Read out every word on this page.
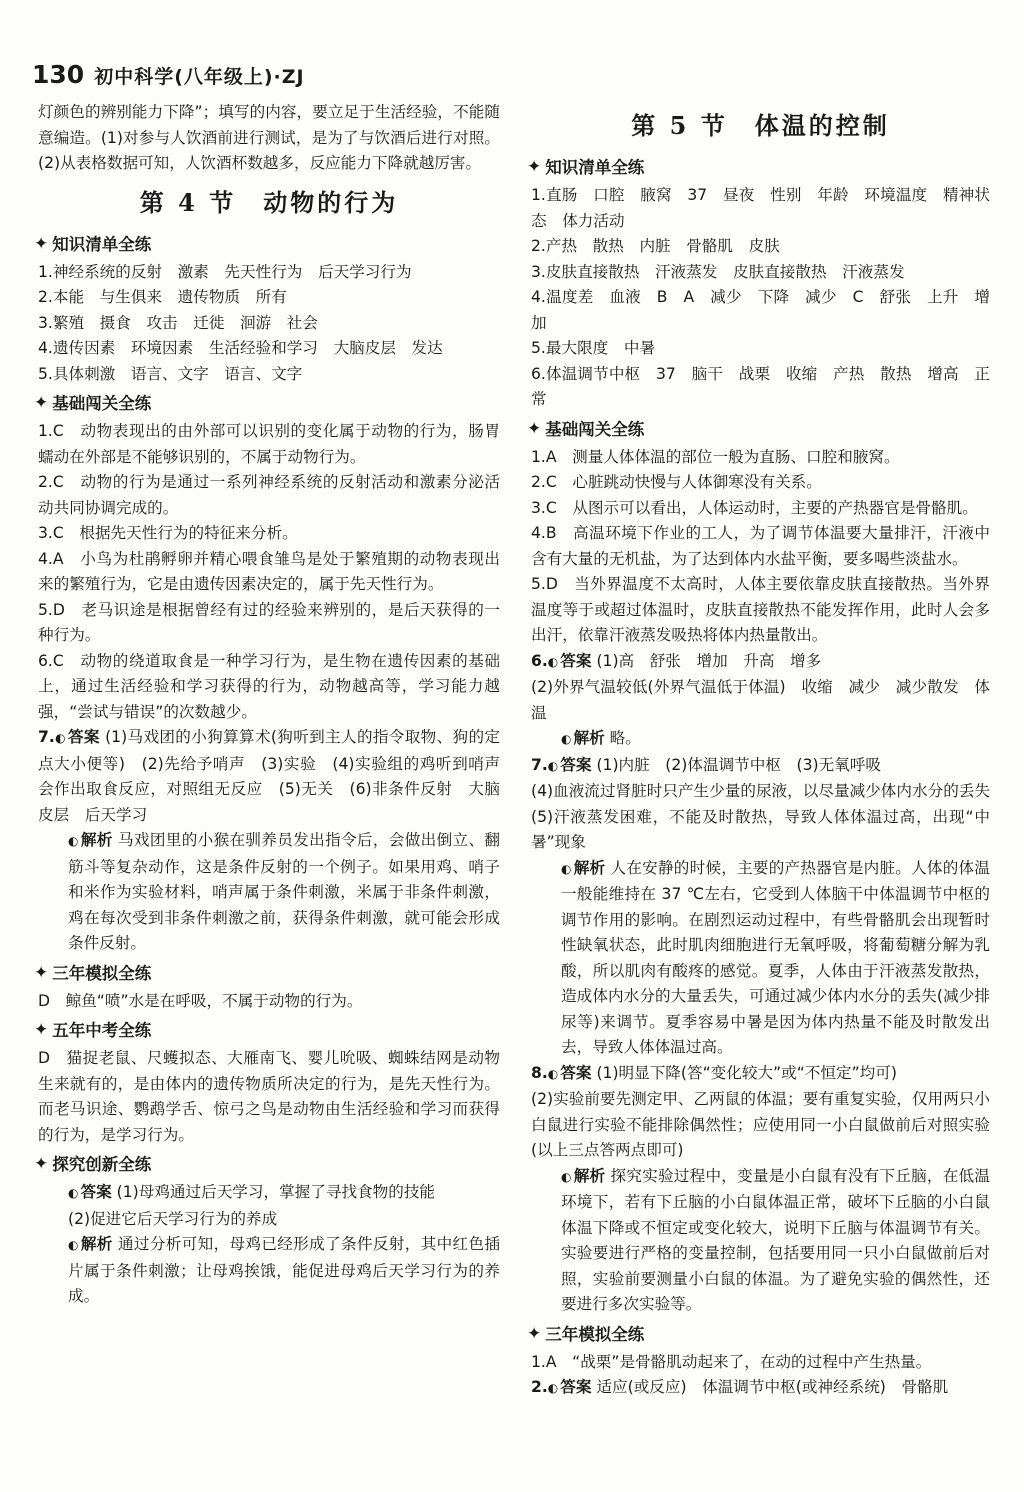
130 初中科学(八年级上)·ZJ

灯颜色的辨别能力下降”；填写的内容，要立足于生活经验，不能随意编造。(1)对参与人饮酒前进行测试，是为了与饮酒后进行对照。(2)从表格数据可知，人饮酒杯数越多，反应能力下降就越厉害。

第 4 节　动物的行为
✦ 知识清单全练

1.神经系统的反射　激素　先天性行为　后天学习行为

2.本能　与生俱来　遗传物质　所有

3.繁殖　摄食　攻击　迁徙　洄游　社会

4.遗传因素　环境因素　生活经验和学习　大脑皮层　发达

5.具体刺激　语言、文字　语言、文字

✦ 基础闯关全练

1.C　动物表现出的由外部可以识别的变化属于动物的行为，肠胃蠕动在外部是不能够识别的，不属于动物行为。

2.C　动物的行为是通过一系列神经系统的反射活动和激素分泌活动共同协调完成的。

3.C　根据先天性行为的特征来分析。

4.A　小鸟为杜鹃孵卵并精心喂食雏鸟是处于繁殖期的动物表现出来的繁殖行为，它是由遗传因素决定的，属于先天性行为。

5.D　老马识途是根据曾经有过的经验来辨别的，是后天获得的一种行为。

6.C　动物的绕道取食是一种学习行为，是生物在遗传因素的基础上，通过生活经验和学习获得的行为，动物越高等，学习能力越强，“尝试与错误”的次数越少。

7.◐ 答案 (1)马戏团的小狗算算术(狗听到主人的指令取物、狗的定点大小便等)　(2)先给予哨声　(3)实验　(4)实验组的鸡听到哨声会作出取食反应，对照组无反应　(5)无关　(6)非条件反射　大脑皮层　后天学习

◐ 解析 马戏团里的小猴在驯养员发出指令后，会做出倒立、翻筋斗等复杂动作，这是条件反射的一个例子。如果用鸡、哨子和米作为实验材料，哨声属于条件刺激，米属于非条件刺激，鸡在每次受到非条件刺激之前，获得条件刺激，就可能会形成条件反射。

✦ 三年模拟全练

D　鲸鱼“喷”水是在呼吸，不属于动物的行为。

✦ 五年中考全练

D　猫捉老鼠、尺蠖拟态、大雁南飞、婴儿吮吸、蜘蛛结网是动物生来就有的，是由体内的遗传物质所决定的行为，是先天性行为。而老马识途、鹦鹉学舌、惊弓之鸟是动物由生活经验和学习而获得的行为，是学习行为。

✦ 探究创新全练

◐ 答案 (1)母鸡通过后天学习，掌握了寻找食物的技能

(2)促进它后天学习行为的养成

◐ 解析 通过分析可知，母鸡已经形成了条件反射，其中红色插片属于条件刺激；让母鸡挨饿，能促进母鸡后天学习行为的养成。

第 5 节　体温的控制
✦ 知识清单全练

1.直肠　口腔　腋窝　37　昼夜　性别　年龄　环境温度　精神状态　体力活动

2.产热　散热　内脏　骨骼肌　皮肤

3.皮肤直接散热　汗液蒸发　皮肤直接散热　汗液蒸发

4.温度差　血液　B　A　减少　下降　减少　C　舒张　上升　增加

5.最大限度　中暑

6.体温调节中枢　37　脑干　战栗　收缩　产热　散热　增高　正常

✦ 基础闯关全练

1.A　测量人体体温的部位一般为直肠、口腔和腋窝。

2.C　心脏跳动快慢与人体御寒没有关系。

3.C　从图示可以看出，人体运动时，主要的产热器官是骨骼肌。

4.B　高温环境下作业的工人，为了调节体温要大量排汗，汗液中含有大量的无机盐，为了达到体内水盐平衡，要多喝些淡盐水。

5.D　当外界温度不太高时，人体主要依靠皮肤直接散热。当外界温度等于或超过体温时，皮肤直接散热不能发挥作用，此时人会多出汗，依靠汗液蒸发吸热将体内热量散出。

6.◐ 答案 (1)高　舒张　增加　升高　增多

(2)外界气温较低(外界气温低于体温)　收缩　减少　减少散发　体温

◐ 解析 略。

7.◐ 答案 (1)内脏　(2)体温调节中枢　(3)无氧呼吸

(4)血液流过肾脏时只产生少量的尿液，以尽量减少体内水分的丢失　(5)汗液蒸发困难，不能及时散热，导致人体体温过高，出现“中暑”现象

◐ 解析 人在安静的时候，主要的产热器官是内脏。人体的体温一般能维持在 37 ℃左右，它受到人体脑干中体温调节中枢的调节作用的影响。在剧烈运动过程中，有些骨骼肌会出现暂时性缺氧状态，此时肌肉细胞进行无氧呼吸，将葡萄糖分解为乳酸，所以肌肉有酸疼的感觉。夏季，人体由于汗液蒸发散热，造成体内水分的大量丢失，可通过减少体内水分的丢失(减少排尿等)来调节。夏季容易中暑是因为体内热量不能及时散发出去，导致人体体温过高。

8.◐ 答案 (1)明显下降(答“变化较大”或“不恒定”均可)

(2)实验前要先测定甲、乙两鼠的体温；要有重复实验，仅用两只小白鼠进行实验不能排除偶然性；应使用同一小白鼠做前后对照实验(以上三点答两点即可)

◐ 解析 探究实验过程中，变量是小白鼠有没有下丘脑，在低温环境下，若有下丘脑的小白鼠体温正常，破坏下丘脑的小白鼠体温下降或不恒定或变化较大，说明下丘脑与体温调节有关。实验要进行严格的变量控制，包括要用同一只小白鼠做前后对照，实验前要测量小白鼠的体温。为了避免实验的偶然性，还要进行多次实验等。

✦ 三年模拟全练

1.A　“战栗”是骨骼肌动起来了，在动的过程中产生热量。

2.◐ 答案 适应(或反应)　体温调节中枢(或神经系统)　骨骼肌
